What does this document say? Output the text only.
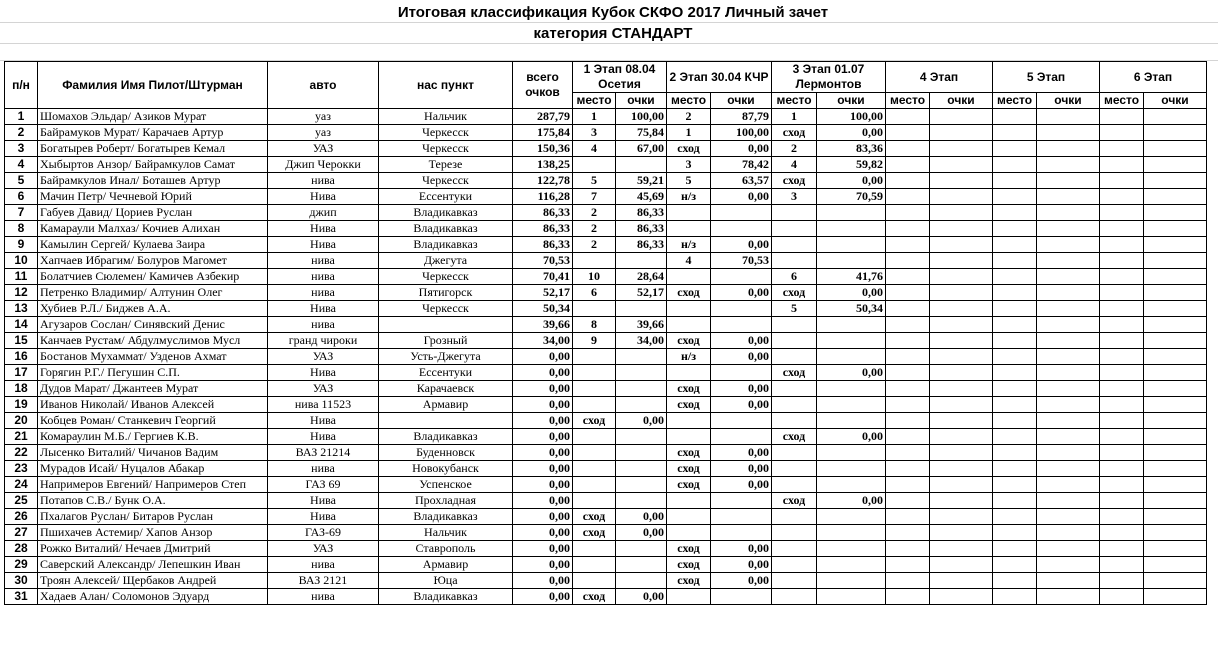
Итоговая классификация Кубок СКФО 2017 Личный зачет
категория СТАНДАРТ
п/н	Фамилия Имя Пилот/Штурман	авто	нас пункт	всего очков	1 Этап 08.04 Осетия		2 Этап 30.04 КЧР		3 Этап 01.07 Лермонтов		4 Этап		5 Этап		6 Этап	
					место	очки	место	очки	место	очки	место	очки	место	очки	место	очки
1	Шомахов Эльдар/ Азиков Мурат	уаз	Нальчик	287,79	1	100,00	2	87,79	1	100,00						
2	Байрамуков Мурат/ Карачаев Артур	уаз	Черкесск	175,84	3	75,84	1	100,00	сход	0,00						
3	Богатырев Роберт/ Богатырев Кемал	УАЗ	Черкесск	150,36	4	67,00	сход	0,00	2	83,36						
4	Хыбыртов Анзор/ Байрамкулов Самат	Джип Черокки	Терезе	138,25			3	78,42	4	59,82						
5	Байрамкулов Инал/ Боташев Артур	нива	Черкесск	122,78	5	59,21	5	63,57	сход	0,00						
6	Мачин Петр/ Чечневой Юрий	Нива	Ессентуки	116,28	7	45,69	н/з	0,00	3	70,59						
7	Габуев Давид/ Цориев Руслан	джип	Владикавказ	86,33	2	86,33										
8	Камараули Малхаз/ Кочиев Алихан	Нива	Владикавказ	86,33	2	86,33										
9	Камылин Сергей/ Кулаева Заира	Нива	Владикавказ	86,33	2	86,33	н/з	0,00								
10	Хапчаев Ибрагим/ Болуров Магомет	нива	Джегута	70,53			4	70,53								
11	Болатчиев Сюлемен/ Камичев Азбекир	нива	Черкесск	70,41	10	28,64			6	41,76						
12	Петренко Владимир/ Алтунин Олег	нива	Пятигорск	52,17	6	52,17	сход	0,00	сход	0,00						
13	Хубиев Р.Л./ Биджев А.А.	Нива	Черкесск	50,34					5	50,34						
14	Агузаров Сослан/ Синявский Денис	нива		39,66	8	39,66										
15	Канчаев Рустам/ Абдулмуслимов Мусл	гранд чироки	Грозный	34,00	9	34,00	сход	0,00								
16	Бостанов Мухаммат/ Узденов Ахмат	УАЗ	Усть-Джегута	0,00			н/з	0,00								
17	Горягин Р.Г./ Пегушин С.П.	Нива	Ессентуки	0,00					сход	0,00						
18	Дудов Марат/ Джантеев Мурат	УАЗ	Карачаевск	0,00			сход	0,00								
19	Иванов Николай/ Иванов Алексей	нива 11523	Армавир	0,00			сход	0,00								
20	Кобцев Роман/ Станкевич Георгий	Нива		0,00	сход	0,00										
21	Комараулин М.Б./ Гергиев К.В.	Нива	Владикавказ	0,00					сход	0,00						
22	Лысенко Виталий/ Чичанов Вадим	ВАЗ 21214	Буденновск	0,00			сход	0,00								
23	Мурадов Исай/ Нуцалов Абакар	нива	Новокубанск	0,00			сход	0,00								
24	Напримеров Евгений/ Напримеров Степ	ГАЗ 69	Успенское	0,00			сход	0,00								
25	Потапов С.В./ Бунк О.А.	Нива	Прохладная	0,00					сход	0,00						
26	Пхалагов Руслан/ Битаров Руслан	Нива	Владикавказ	0,00	сход	0,00										
27	Пшихачев Астемир/ Хапов Анзор	ГАЗ-69	Нальчик	0,00	сход	0,00										
28	Рожко Виталий/ Нечаев Дмитрий	УАЗ	Ставрополь	0,00			сход	0,00								
29	Саверский Александр/ Лепешкин Иван	нива	Армавир	0,00			сход	0,00								
30	Троян Алексей/ Щербаков Андрей	ВАЗ 2121	Юца	0,00			сход	0,00								
31	Хадаев Алан/ Соломонов Эдуард	нива	Владикавказ	0,00	сход	0,00										
